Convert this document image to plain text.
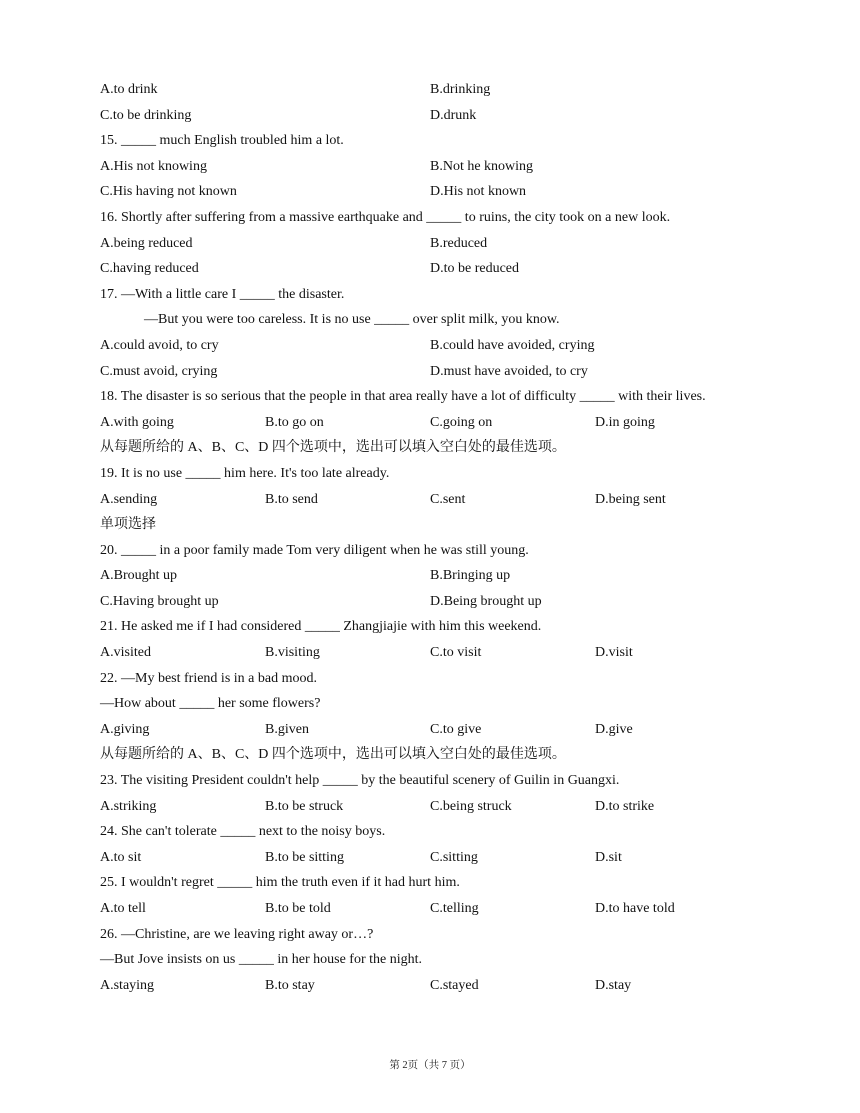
A.to drink	B.drinking
C.to be drinking	D.drunk
15. _____ much English troubled him a lot.
A.His not knowing	B.Not he knowing
C.His having not known	D.His not known
16. Shortly after suffering from a massive earthquake and _____ to ruins, the city took on a new look.
A.being reduced	B.reduced
C.having reduced	D.to be reduced
17. —With a little care I _____ the disaster.
—But you were too careless. It is no use _____ over split milk, you know.
A.could avoid, to cry	B.could have avoided, crying
C.must avoid, crying	D.must have avoided, to cry
18. The disaster is so serious that the people in that area really have a lot of difficulty _____ with their lives.
A.with going	B.to go on	C.going on	D.in going
从每题所给的 A、B、C、D 四个选项中，选出可以填入空白处的最佳选项。
19. It is no use _____ him here. It's too late already.
A.sending	B.to send	C.sent	D.being sent
单项选择
20. _____ in a poor family made Tom very diligent when he was still young.
A.Brought up	B.Bringing up
C.Having brought up	D.Being brought up
21. He asked me if I had considered _____ Zhangjiajie with him this weekend.
A.visited	B.visiting	C.to visit	D.visit
22. —My best friend is in a bad mood.
—How about _____ her some flowers?
A.giving	B.given	C.to give	D.give
从每题所给的 A、B、C、D 四个选项中，选出可以填入空白处的最佳选项。
23. The visiting President couldn't help _____ by the beautiful scenery of Guilin in Guangxi.
A.striking	B.to be struck	C.being struck	D.to strike
24. She can't tolerate _____ next to the noisy boys.
A.to sit	B.to be sitting	C.sitting	D.sit
25. I wouldn't regret _____ him the truth even if it had hurt him.
A.to tell	B.to be told	C.telling	D.to have told
26. —Christine, are we leaving right away or…?
—But Jove insists on us _____ in her house for the night.
A.staying	B.to stay	C.stayed	D.stay
第 2页（共 7 页）
